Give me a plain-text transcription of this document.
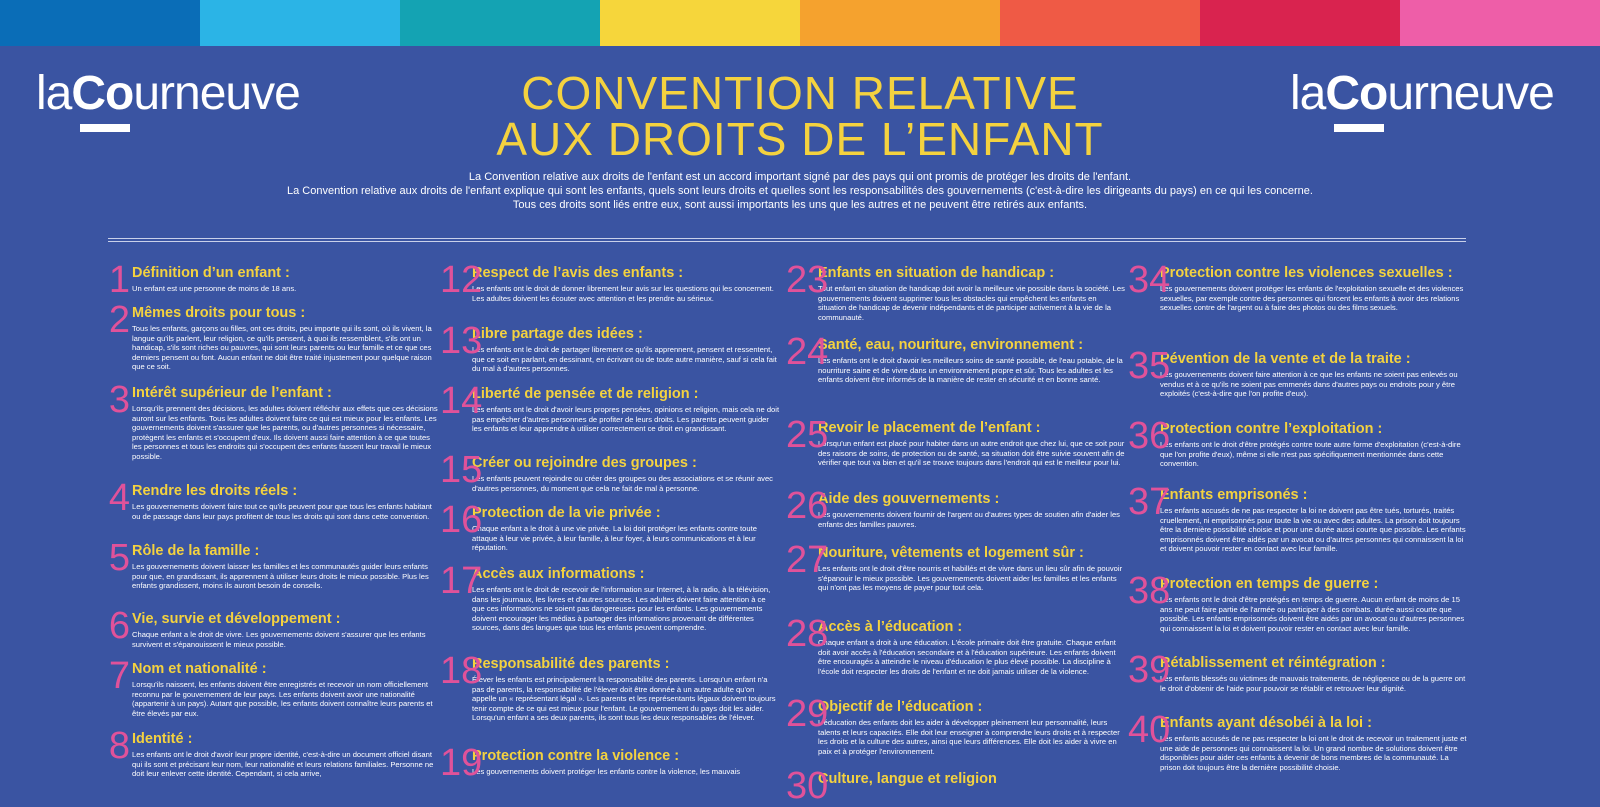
laCourneuve	CONVENTION RELATIVE
AUX DROITS DE L’ENFANT
laCourneuve
La Convention relative aux droits de l'enfant est un accord important signé par des pays qui ont promis de protéger les droits de l'enfant.
La Convention relative aux droits de l'enfant explique qui sont les enfants, quels sont leurs droits et quelles sont les responsabilités des gouvernements (c'est-à-dire les dirigeants du pays) en ce qui les concerne.
Tous ces droits sont liés entre eux, sont aussi importants les uns que les autres et ne peuvent être retirés aux enfants.
1 Définition d’un enfant :
Un enfant est une personne de moins de 18 ans.
2 Mêmes droits pour tous :
Tous les enfants, garçons ou filles, ont ces droits, peu importe qui ils sont, où ils vivent, la langue qu'ils parlent, leur religion, ce qu'ils pensent, à quoi ils ressemblent, s'ils ont un handicap, s'ils sont riches ou pauvres, qui sont leurs parents ou leur famille et ce que ces derniers pensent ou font. Aucun enfant ne doit être traité injustement pour quelque raison que ce soit.
3 Intérêt supérieur de l’enfant :
Lorsqu'ils prennent des décisions, les adultes doivent réfléchir aux effets que ces décisions auront sur les enfants. Tous les adultes doivent faire ce qui est mieux pour les enfants. Les gouvernements doivent s'assurer que les parents, ou d'autres personnes si nécessaire, protègent les enfants et s'occupent d'eux. Ils doivent aussi faire attention à ce que toutes les personnes et tous les endroits qui s'occupent des enfants fassent leur travail le mieux possible.
4 Rendre les droits réels :
Les gouvernements doivent faire tout ce qu'ils peuvent pour que tous les enfants habitant ou de passage dans leur pays profitent de tous les droits qui sont dans cette convention.
5 Rôle de la famille :
Les gouvernements doivent laisser les familles et les communautés guider leurs enfants pour que, en grandissant, ils apprennent à utiliser leurs droits le mieux possible. Plus les enfants grandissent, moins ils auront besoin de conseils.
6 Vie, survie et développement :
Chaque enfant a le droit de vivre. Les gouvernements doivent s'assurer que les enfants survivent et s'épanouissent le mieux possible.
7 Nom et nationalité :
Lorsqu'ils naissent, les enfants doivent être enregistrés et recevoir un nom officiellement reconnu par le gouvernement de leur pays. Les enfants doivent avoir une nationalité (appartenir à un pays). Autant que possible, les enfants doivent connaître leurs parents et être élevés par eux.
8 Identité :
Les enfants ont le droit d'avoir leur propre identité, c'est-à-dire un document officiel disant qui ils sont et précisant leur nom, leur nationalité et leurs relations familiales. Personne ne doit leur enlever cette identité. Cependant, si cela arrive,
12
Respect de l’avis des enfants :
Les enfants ont le droit de donner librement leur avis sur les questions qui les concernent. Les adultes doivent les écouter avec attention et les prendre au sérieux.
13
Libre partage des idées :
Les enfants ont le droit de partager librement ce qu'ils apprennent, pensent et ressentent, que ce soit en parlant, en dessinant, en écrivant ou de toute autre manière, sauf si cela fait du mal à d'autres personnes.
14
Liberté de pensée et de religion :
Les enfants ont le droit d'avoir leurs propres pensées, opinions et religion, mais cela ne doit pas empêcher d'autres personnes de profiter de leurs droits. Les parents peuvent guider les enfants et leur apprendre à utiliser correctement ce droit en grandissant.
15
Créer ou rejoindre des groupes :
Les enfants peuvent rejoindre ou créer des groupes ou des associations et se réunir avec d'autres personnes, du moment que cela ne fait de mal à personne.
16
Protection de la vie privée :
Chaque enfant a le droit à une vie privée. La loi doit protéger les enfants contre toute attaque à leur vie privée, à leur famille, à leur foyer, à leurs communications et à leur réputation.
17
Accès aux informations :
Les enfants ont le droit de recevoir de l'information sur Internet, à la radio, à la télévision, dans les journaux, les livres et d'autres sources. Les adultes doivent faire attention à ce que ces informations ne soient pas dangereuses pour les enfants. Les gouvernements doivent encourager les médias à partager des informations provenant de différentes sources, dans des langues que tous les enfants peuvent comprendre.
18
Responsabilité des parents :
Élever les enfants est principalement la responsabilité des parents. Lorsqu'un enfant n'a pas de parents, la responsabilité de l'élever doit être donnée à un autre adulte qu'on appelle un « représentant légal ». Les parents et les représentants légaux doivent toujours tenir compte de ce qui est mieux pour l'enfant. Le gouvernement du pays doit les aider. Lorsqu'un enfant a ses deux parents, ils sont tous les deux responsables de l'élever.
19
Protection contre la violence :
Les gouvernements doivent protéger les enfants contre la violence, les mauvais
23
Enfants en situation de handicap :
Tout enfant en situation de handicap doit avoir la meilleure vie possible dans la société. Les gouvernements doivent supprimer tous les obstacles qui empêchent les enfants en situation de handicap de devenir indépendants et de participer activement à la vie de la communauté.
24
Santé, eau, nouriture, environnement :
Les enfants ont le droit d'avoir les meilleurs soins de santé possible, de l'eau potable, de la nourriture saine et de vivre dans un environnement propre et sûr. Tous les adultes et les enfants doivent être informés de la manière de rester en sécurité et en bonne santé.
25
Revoir le placement de l’enfant :
Lorsqu'un enfant est placé pour habiter dans un autre endroit que chez lui, que ce soit pour des raisons de soins, de protection ou de santé, sa situation doit être suivie souvent afin de vérifier que tout va bien et qu'il se trouve toujours dans l'endroit qui est le meilleur pour lui.
26
Aide des gouvernements :
Les gouvernements doivent fournir de l'argent ou d'autres types de soutien afin d'aider les enfants des familles pauvres.
27
Nouriture, vêtements et logement sûr :
Les enfants ont le droit d'être nourris et habillés et de vivre dans un lieu sûr afin de pouvoir s'épanouir le mieux possible. Les gouvernements doivent aider les familles et les enfants qui n'ont pas les moyens de payer pour tout cela.
28
Accès à l’éducation :
Chaque enfant a droit à une éducation. L'école primaire doit être gratuite. Chaque enfant doit avoir accès à l'éducation secondaire et à l'éducation supérieure. Les enfants doivent être encouragés à atteindre le niveau d'éducation le plus élevé possible. La discipline à l'école doit respecter les droits de l'enfant et ne doit jamais utiliser de la violence.
29
Objectif de l’éducation :
L'éducation des enfants doit les aider à développer pleinement leur personnalité, leurs talents et leurs capacités. Elle doit leur enseigner à comprendre leurs droits et à respecter les droits et la culture des autres, ainsi que leurs différences. Elle doit les aider à vivre en paix et à protéger l'environnement.
30
Culture, langue et religion
34
Protection contre les violences sexuelles :
Les gouvernements doivent protéger les enfants de l'exploitation sexuelle et des violences sexuelles, par exemple contre des personnes qui forcent les enfants à avoir des relations sexuelles contre de l'argent ou à faire des photos ou des films sexuels.
35
Pévention de la vente et de la traite :
Les gouvernements doivent faire attention à ce que les enfants ne soient pas enlevés ou vendus et à ce qu'ils ne soient pas emmenés dans d'autres pays ou endroits pour y être exploités (c'est-à-dire que l'on profite d'eux).
36
Protection contre l’exploitation :
Les enfants ont le droit d'être protégés contre toute autre forme d'exploitation (c'est-à-dire que l'on profite d'eux), même si elle n'est pas spécifiquement mentionnée dans cette convention.
37
Enfants emprisonés :
Les enfants accusés de ne pas respecter la loi ne doivent pas être tués, torturés, traités cruellement, ni emprisonnés pour toute la vie ou avec des adultes. La prison doit toujours être la dernière possibilité choisie et pour une durée aussi courte que possible. Les enfants emprisonnés doivent être aidés par un avocat ou d'autres personnes qui connaissent la loi et doivent pouvoir rester en contact avec leur famille.
38
Protection en temps de guerre :
Les enfants ont le droit d'être protégés en temps de guerre. Aucun enfant de moins de 15 ans ne peut faire partie de l'armée ou participer à des combats. durée aussi courte que possible. Les enfants emprisonnés doivent être aidés par un avocat ou d'autres personnes qui connaissent la loi et doivent pouvoir rester en contact avec leur famille.
39
Rétablissement et réintégration :
Les enfants blessés ou victimes de mauvais traitements, de négligence ou de la guerre ont le droit d'obtenir de l'aide pour pouvoir se rétablir et retrouver leur dignité.
40
Enfants ayant désobéi à la loi :
Les enfants accusés de ne pas respecter la loi ont le droit de recevoir un traitement juste et une aide de personnes qui connaissent la loi. Un grand nombre de solutions doivent être disponibles pour aider ces enfants à devenir de bons membres de la communauté. La prison doit toujours être la dernière possibilité choisie.
